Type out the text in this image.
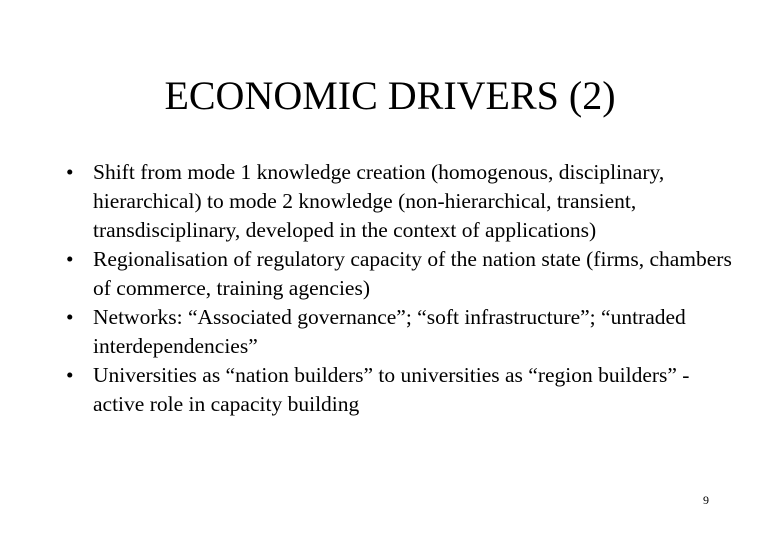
ECONOMIC DRIVERS (2)
• Shift from mode 1 knowledge creation (homogenous, disciplinary, hierarchical) to mode 2 knowledge (non-hierarchical, transient, transdisciplinary, developed in the context of applications)
• Regionalisation of regulatory capacity of the nation state (firms, chambers of commerce, training agencies)
• Networks: “Associated governance”; “soft infrastructure”; “untraded interdependencies”
• Universities as “nation builders” to universities as “region builders” - active role in capacity building
9
